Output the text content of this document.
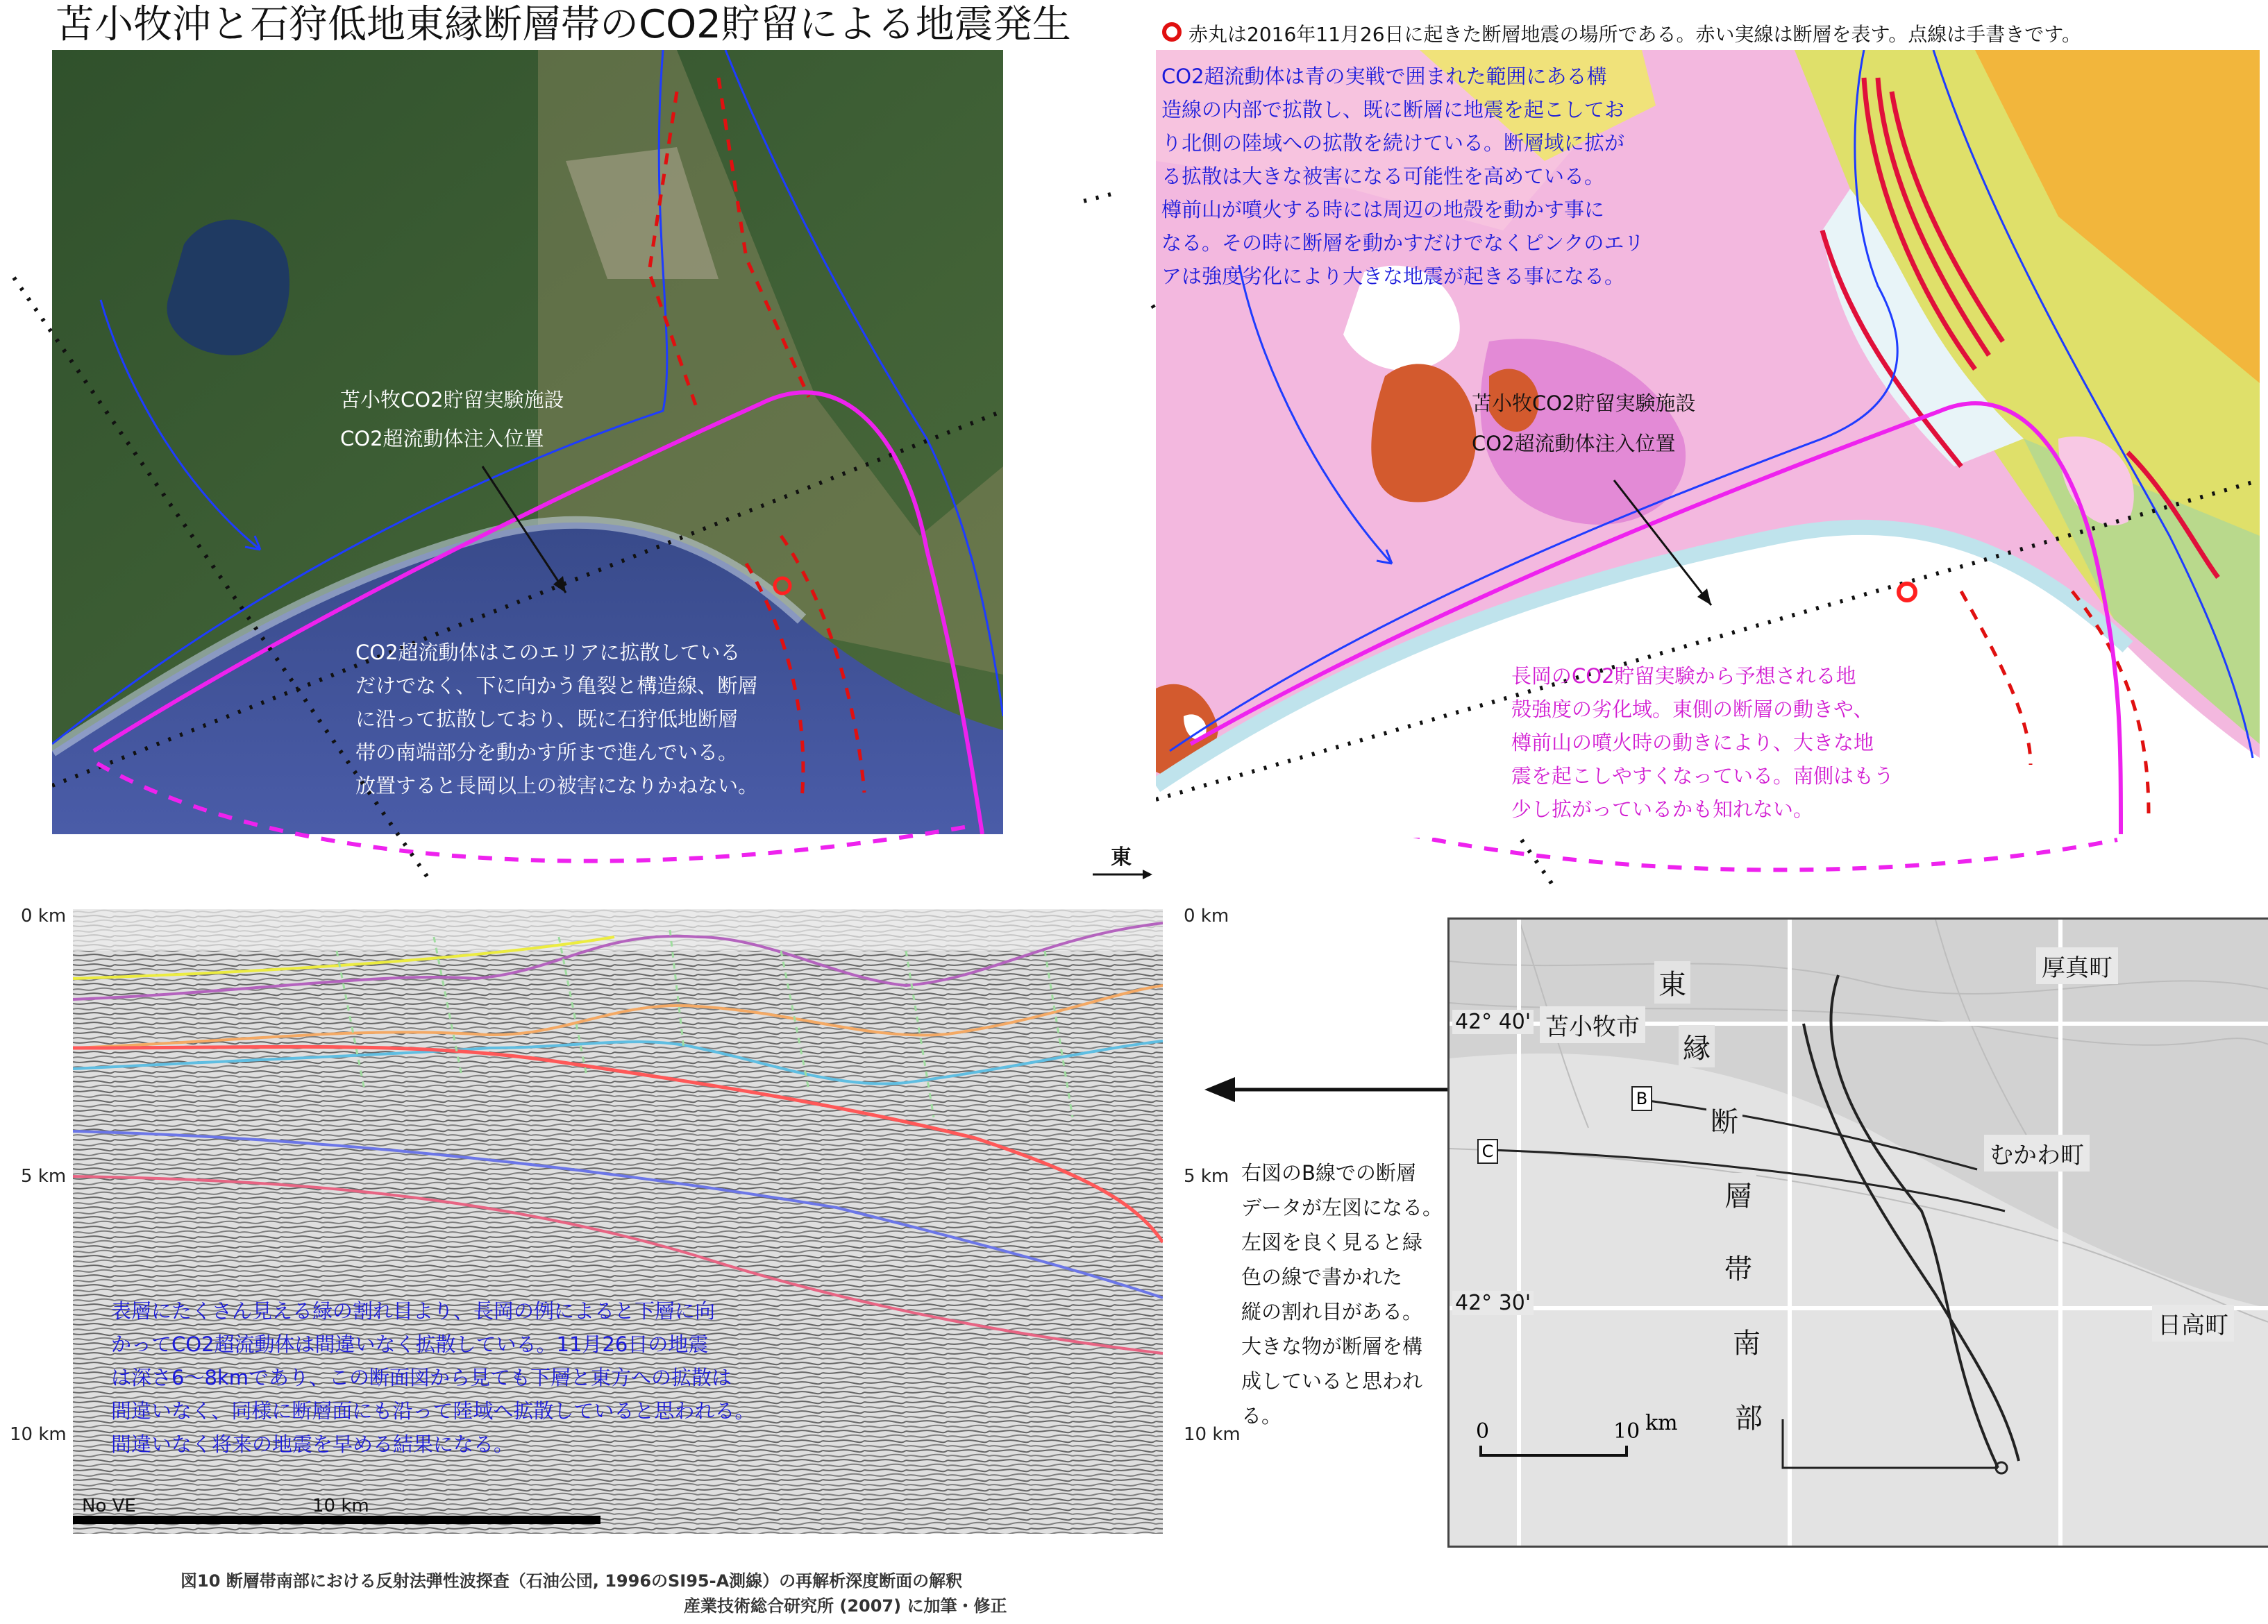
苫小牧沖と石狩低地東縁断層帯のCO2貯留による地震発生	赤丸は2016年11月26日に起きた断層地震の場所である。赤い実線は断層を表す。点線は手書きです。
苫小牧CO2貯留実験施設
CO2超流動体注入位置
CO2超流動体はこのエリアに拡散している
だけでなく、下に向かう亀裂と構造線、断層
に沿って拡散しており、既に石狩低地断層
帯の南端部分を動かす所まで進んでいる。
放置すると長岡以上の被害になりかねない。
CO2超流動体は青の実戦で囲まれた範囲にある構
造線の内部で拡散し、既に断層に地震を起こしてお
り北側の陸域への拡散を続けている。断層域に拡が
る拡散は大きな被害になる可能性を高めている。
樽前山が噴火する時には周辺の地殻を動かす事に
なる。その時に断層を動かすだけでなくピンクのエリ
アは強度劣化により大きな地震が起きる事になる。
苫小牧CO2貯留実験施設
CO2超流動体注入位置
長岡のCO2貯留実験から予想される地
殻強度の劣化域。東側の断層の動きや、
樽前山の噴火時の動きにより、大きな地
震を起こしやすくなっている。南側はもう
少し拡がっているかも知れない。
東
0 km
5 km
10 km
0 km
5 km
10 km
No VE	10 km
表層にたくさん見える緑の割れ目より、長岡の例によると下層に向
かってCO2超流動体は間違いなく拡散している。11月26日の地震
は深さ6～8kmであり、この断面図から見ても下層と東方への拡散は
間違いなく、同様に断層面にも沿って陸域へ拡散していると思われる。
間違いなく将来の地震を早める結果になる。
図10 断層帯南部における反射法弾性波探査（石油公団, 1996のSI95-A測線）の再解析深度断面の解釈
産業技術総合研究所 (2007) に加筆・修正
右図のB線での断層
データが左図になる。
左図を良く見ると緑
色の線で書かれた
縦の割れ目がある。
大きな物が断層を構
成していると思われ
る。
東
縁
断
層
帯
南
部
厚真町
苫小牧市
むかわ町
日高町
42° 40'
42° 30'
B
C
0	10 km
